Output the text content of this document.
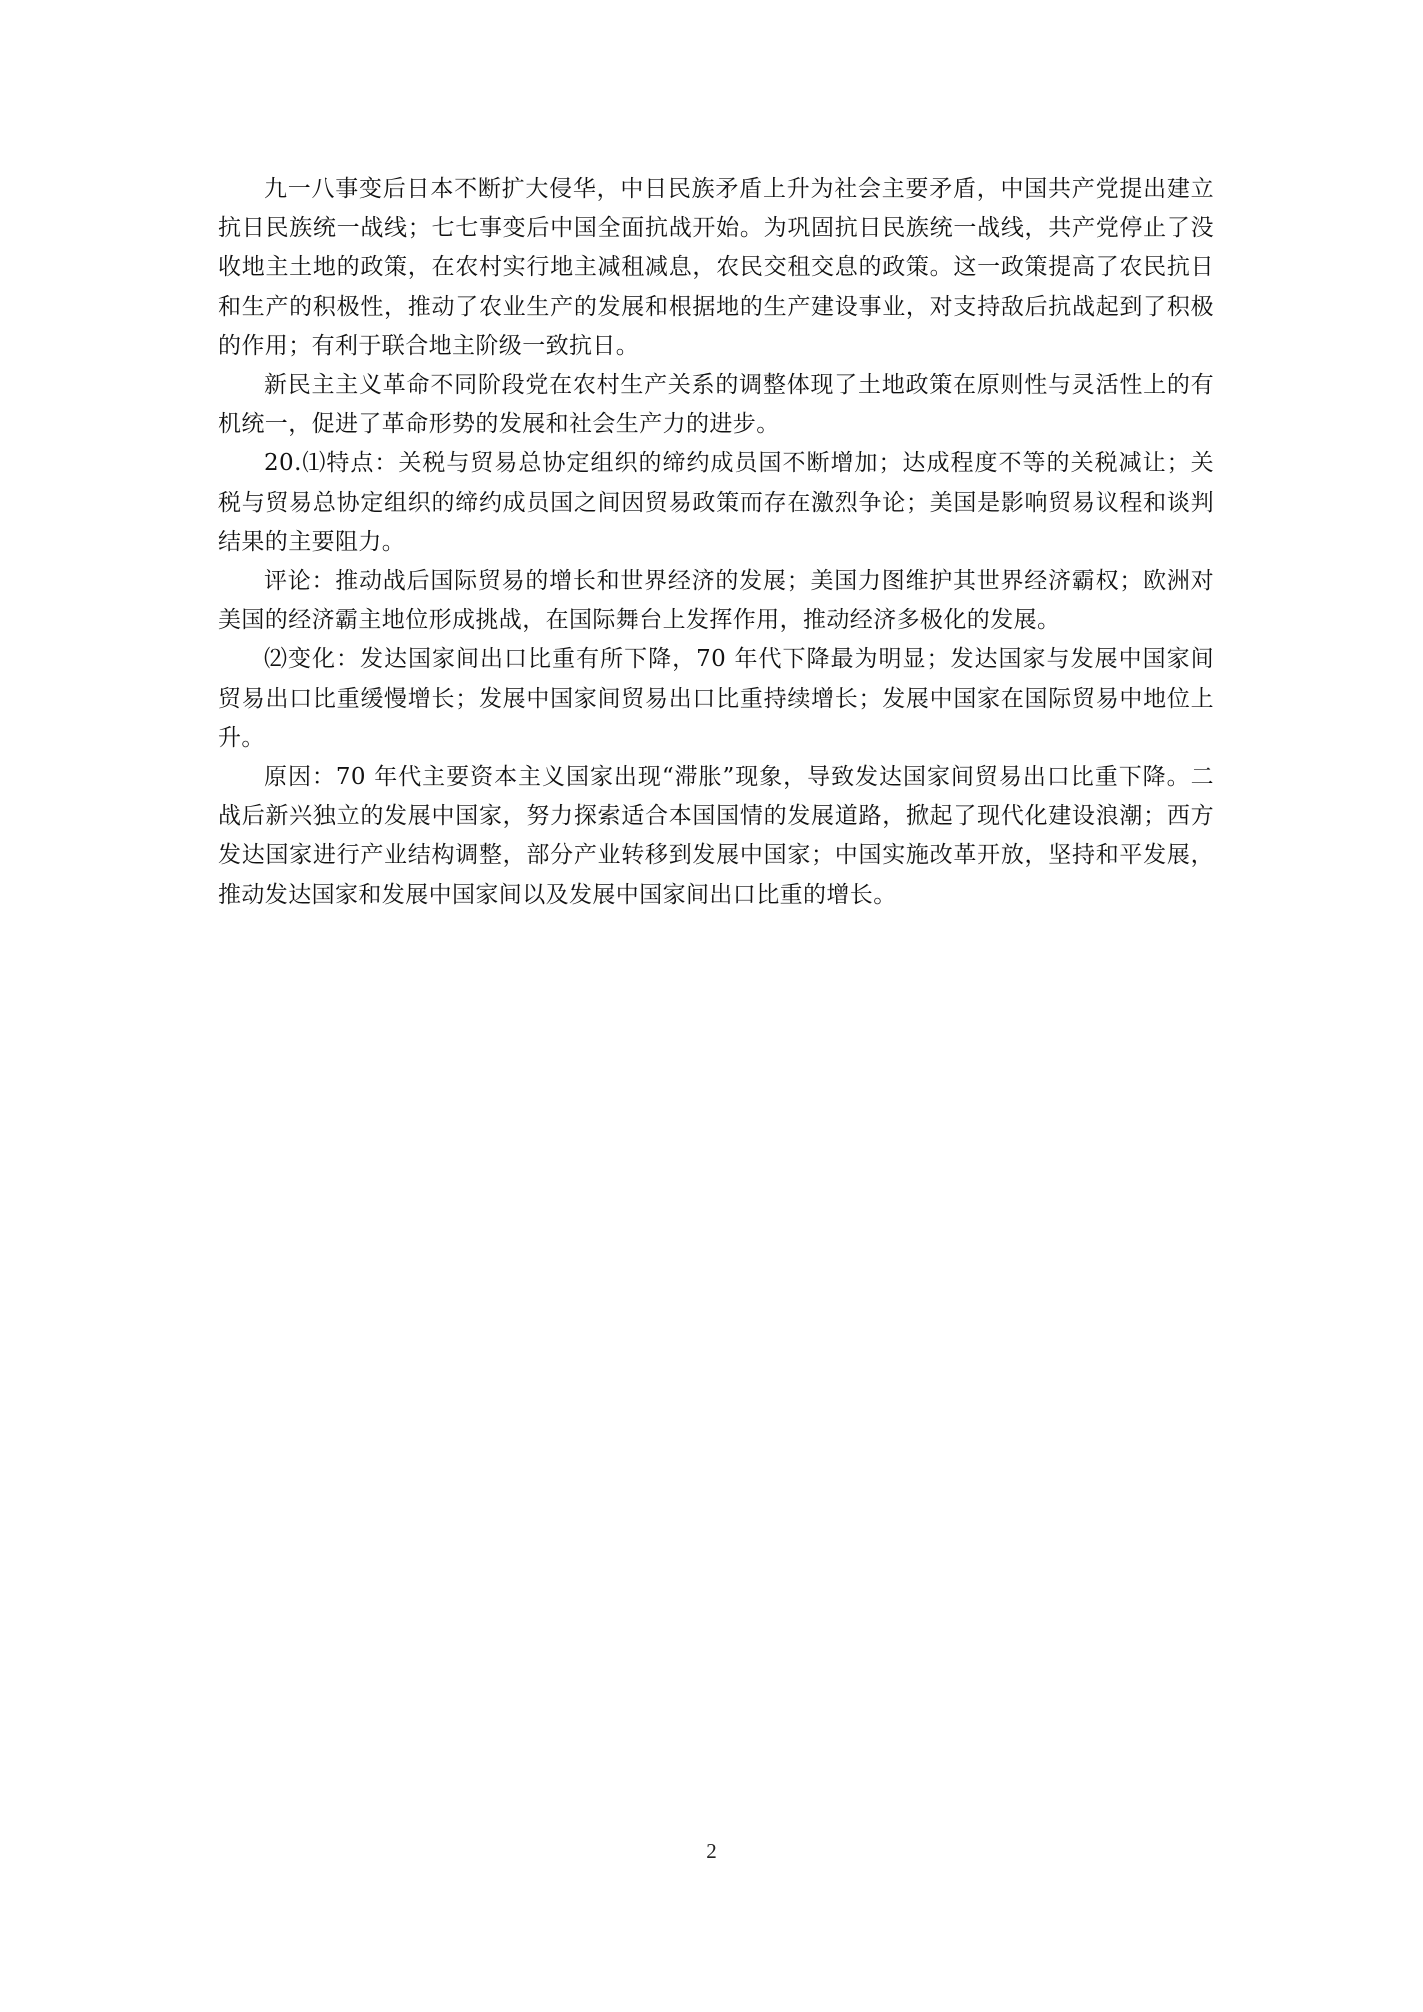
九一八事变后日本不断扩大侵华，中日民族矛盾上升为社会主要矛盾，中国共产党提出建立抗日民族统一战线；七七事变后中国全面抗战开始。为巩固抗日民族统一战线，共产党停止了没收地主土地的政策，在农村实行地主减租减息，农民交租交息的政策。这一政策提高了农民抗日和生产的积极性，推动了农业生产的发展和根据地的生产建设事业，对支持敌后抗战起到了积极的作用；有利于联合地主阶级一致抗日。

新民主主义革命不同阶段党在农村生产关系的调整体现了土地政策在原则性与灵活性上的有机统一，促进了革命形势的发展和社会生产力的进步。

20.⑴特点：关税与贸易总协定组织的缔约成员国不断增加；达成程度不等的关税减让；关税与贸易总协定组织的缔约成员国之间因贸易政策而存在激烈争论；美国是影响贸易议程和谈判结果的主要阻力。

评论：推动战后国际贸易的增长和世界经济的发展；美国力图维护其世界经济霸权；欧洲对美国的经济霸主地位形成挑战，在国际舞台上发挥作用，推动经济多极化的发展。

⑵变化：发达国家间出口比重有所下降，70 年代下降最为明显；发达国家与发展中国家间贸易出口比重缓慢增长；发展中国家间贸易出口比重持续增长；发展中国家在国际贸易中地位上升。

原因：70 年代主要资本主义国家出现“滞胀”现象，导致发达国家间贸易出口比重下降。二战后新兴独立的发展中国家，努力探索适合本国国情的发展道路，掀起了现代化建设浪潮；西方发达国家进行产业结构调整，部分产业转移到发展中国家；中国实施改革开放，坚持和平发展，推动发达国家和发展中国家间以及发展中国家间出口比重的增长。

2
